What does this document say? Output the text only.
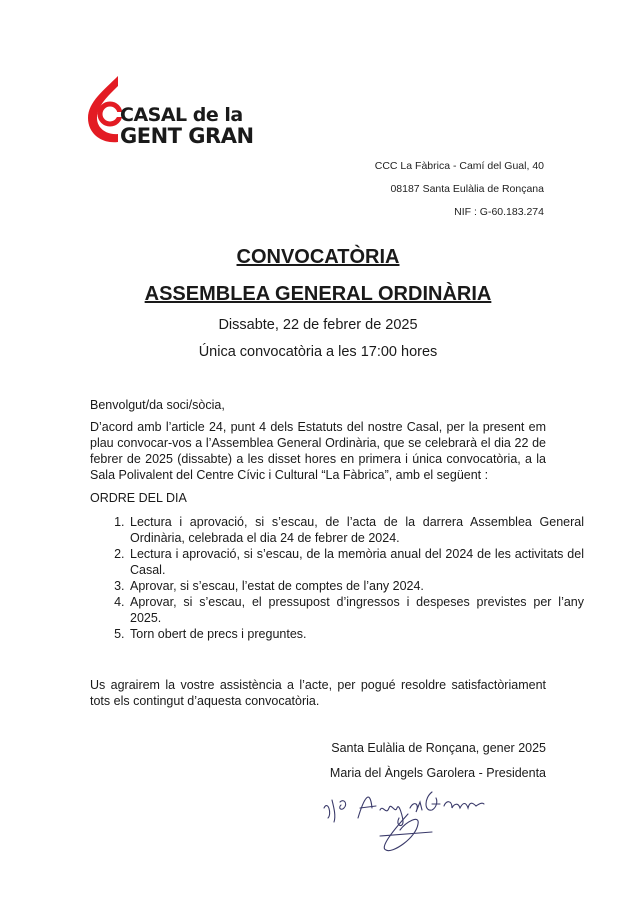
CASAL de la
GENT GRAN
CCC La Fàbrica - Camí del Gual, 40
08187 Santa Eulàlia de Ronçana
NIF : G-60.183.274
CONVOCATÒRIA
ASSEMBLEA GENERAL ORDINÀRIA
Dissabte, 22 de febrer de 2025
Única convocatòria a les 17:00 hores
Benvolgut/da soci/sòcia,
D’acord amb l’article 24, punt 4 dels Estatuts del nostre Casal, per la present em plau convocar-vos a l’Assemblea General Ordinària, que se celebrarà el dia 22 de febrer de 2025 (dissabte) a les disset hores en primera i única convocatòria, a la Sala Polivalent del Centre Cívic i Cultural “La Fàbrica”, amb el següent :
ORDRE DEL DIA
1. Lectura i aprovació, si s’escau, de l’acta de la darrera Assemblea General Ordinària, celebrada el dia 24 de febrer de 2024.
2. Lectura i aprovació, si s’escau, de la memòria anual del 2024 de les activitats del Casal.
3. Aprovar, si s’escau, l’estat de comptes de l’any 2024.
4. Aprovar, si s’escau, el pressupost d’ingressos i despeses previstes per l’any 2025.
5. Torn obert de precs i preguntes.
Us agrairem la vostre assistència a l’acte, per pogué resoldre satisfactòriament tots els contingut d’aquesta convocatòria.
Santa Eulàlia de Ronçana, gener 2025
Maria del Àngels Garolera - Presidenta
